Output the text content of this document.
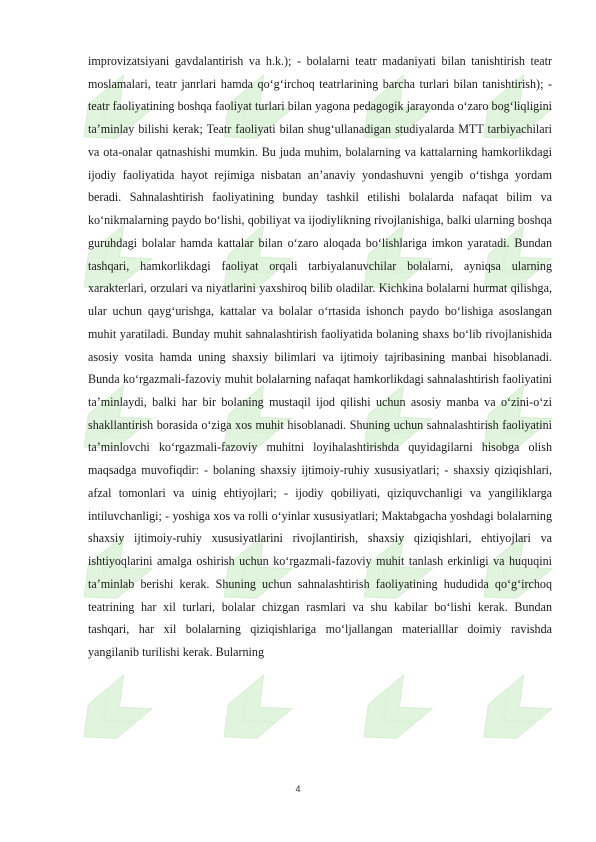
improvizatsiyani gavdalantirish va h.k.); - bolalarni teatr madaniyati bilan tanishtirish teatr moslamalari, teatr janrlari hamda qo‘g‘irchoq teatrlarining barcha turlari bilan tanishtirish); - teatr faoliyatining boshqa faoliyat turlari bilan yagona pedagogik jarayonda o‘zaro bog‘liqligini ta’minlay bilishi kerak; Teatr faoliyati bilan shug‘ullanadigan studiyalarda MTT tarbiyachilari va ota-onalar qatnashishi mumkin. Bu juda muhim, bolalarning va kattalarning hamkorlikdagi ijodiy faoliyatida hayot rejimiga nisbatan an’anaviy yondashuvni yengib o‘tishga yordam beradi. Sahnalashtirish faoliyatining bunday tashkil etilishi bolalarda nafaqat bilim va ko‘nikmalarning paydo bo‘lishi, qobiliyat va ijodiylikning rivojlanishiga, balki ularning boshqa guruhdagi bolalar hamda kattalar bilan o‘zaro aloqada bo‘lishlariga imkon yaratadi. Bundan tashqari, hamkorlikdagi faoliyat orqali tarbiyalanuvchilar bolalarni, ayniqsa ularning xarakterlari, orzulari va niyatlarini yaxshiroq bilib oladilar. Kichkina bolalarni hurmat qilishga, ular uchun qayg‘urishga, kattalar va bolalar o‘rtasida ishonch paydo bo‘lishiga asoslangan muhit yaratiladi. Bunday muhit sahnalashtirish faoliyatida bolaning shaxs bo‘lib rivojlanishida asosiy vosita hamda uning shaxsiy bilimlari va ijtimoiy tajribasining manbai hisoblanadi. Bunda ko‘rgazmali-fazoviy muhit bolalarning nafaqat hamkorlikdagi sahnalashtirish faoliyatini ta’minlaydi, balki har bir bolaning mustaqil ijod qilishi uchun asosiy manba va o‘zini-o‘zi shakllantirish borasida o‘ziga xos muhit hisoblanadi. Shuning uchun sahnalashtirish faoliyatini ta’minlovchi ko‘rgazmali-fazoviy muhitni loyihalashtirishda quyidagilarni hisobga olish maqsadga muvofiqdir: - bolaning shaxsiy ijtimoiy-ruhiy xususiyatlari; - shaxsiy qiziqishlari, afzal tomonlari va uinig ehtiyojlari; - ijodiy qobiliyati, qiziquvchanligi va yangiliklarga intiluvchanligi; - yoshiga xos va rolli o‘yinlar xususiyatlari; Maktabgacha yoshdagi bolalarning shaxsiy ijtimoiy-ruhiy xususiyatlarini rivojlantirish, shaxsiy qiziqishlari, ehtiyojlari va ishtiyoqlarini amalga oshirish uchun ko‘rgazmali-fazoviy muhit tanlash erkinligi va huquqini ta’minlab berishi kerak. Shuning uchun sahnalashtirish faoliyatining hududida qo‘g‘irchoq teatrining har xil turlari, bolalar chizgan rasmlari va shu kabilar bo‘lishi kerak. Bundan tashqari, har xil bolalarning qiziqishlariga mo‘ljallangan materialllar doimiy ravishda yangilanib turilishi kerak. Bularning

4
